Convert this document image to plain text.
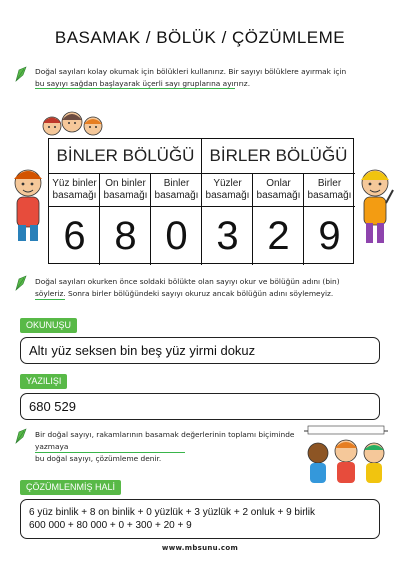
BASAMAK / BÖLÜK / ÇÖZÜMLEME
Doğal sayıları kolay okumak için bölükleri kullanırız. Bir sayıyı bölüklere ayırmak için
bu sayıyı sağdan başlayarak üçerli sayı gruplarına ayırırız.
BİNLER BÖLÜĞÜ BİRLER BÖLÜĞÜ
Yüz binler
basamağı
On binler
basamağı
Binler
basamağı
Yüzler
basamağı
Onlar
basamağı
Birler
basamağı
6 8 0 3 2 9
Doğal sayıları okurken önce soldaki bölükte olan sayıyı okur ve bölüğün adını (bin)
söyleriz. Sonra birler bölüğündeki sayıyı okuruz ancak bölüğün adını söylemeyiz.
OKUNUŞU
Altı yüz seksen bin beş yüz yirmi dokuz
YAZILIŞI
680 529
Bir doğal sayıyı, rakamlarının basamak değerlerinin toplamı biçiminde yazmaya
bu doğal sayıyı, çözümleme denir.
ÇÖZÜMLENMİŞ HALİ
6 yüz binlik + 8 on binlik + 0 yüzlük + 3 yüzlük + 2 onluk + 9 birlik
600 000 + 80 000 + 0 + 300 + 20 + 9
www.mbsunu.com
